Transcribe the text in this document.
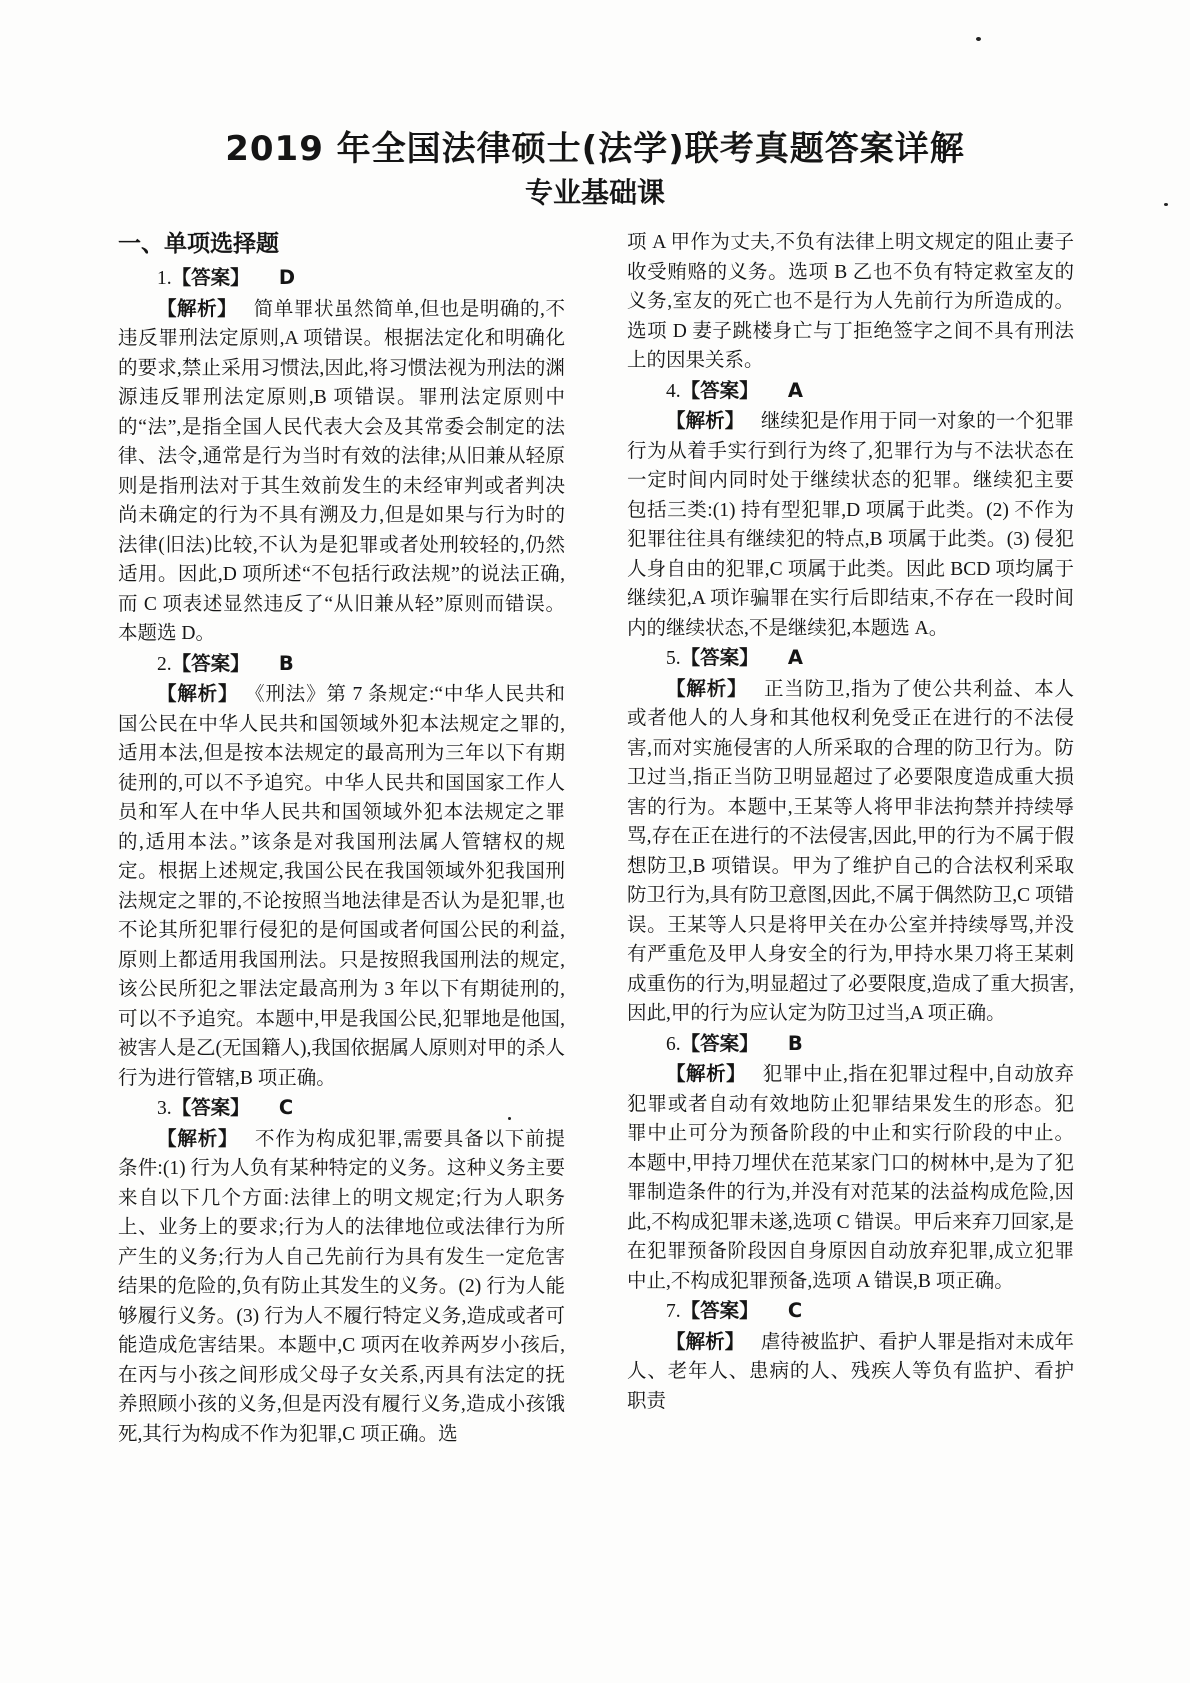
2019 年全国法律硕士(法学)联考真题答案详解
专业基础课
一、单项选择题

1.【答案】 D

【解析】 简单罪状虽然简单,但也是明确的,不违反罪刑法定原则,A 项错误。根据法定化和明确化的要求,禁止采用习惯法,因此,将习惯法视为刑法的渊源违反罪刑法定原则,B 项错误。罪刑法定原则中的“法”,是指全国人民代表大会及其常委会制定的法律、法令,通常是行为当时有效的法律;从旧兼从轻原则是指刑法对于其生效前发生的未经审判或者判决尚未确定的行为不具有溯及力,但是如果与行为时的法律(旧法)比较,不认为是犯罪或者处刑较轻的,仍然适用。因此,D 项所述“不包括行政法规”的说法正确,而 C 项表述显然违反了“从旧兼从轻”原则而错误。本题选 D。

2.【答案】 B

【解析】 《刑法》第 7 条规定:“中华人民共和国公民在中华人民共和国领域外犯本法规定之罪的,适用本法,但是按本法规定的最高刑为三年以下有期徒刑的,可以不予追究。中华人民共和国国家工作人员和军人在中华人民共和国领域外犯本法规定之罪的,适用本法。”该条是对我国刑法属人管辖权的规定。根据上述规定,我国公民在我国领域外犯我国刑法规定之罪的,不论按照当地法律是否认为是犯罪,也不论其所犯罪行侵犯的是何国或者何国公民的利益,原则上都适用我国刑法。只是按照我国刑法的规定,该公民所犯之罪法定最高刑为 3 年以下有期徒刑的,可以不予追究。本题中,甲是我国公民,犯罪地是他国,被害人是乙(无国籍人),我国依据属人原则对甲的杀人行为进行管辖,B 项正确。

3.【答案】 C

【解析】 不作为构成犯罪,需要具备以下前提条件:(1) 行为人负有某种特定的义务。这种义务主要来自以下几个方面:法律上的明文规定;行为人职务上、业务上的要求;行为人的法律地位或法律行为所产生的义务;行为人自己先前行为具有发生一定危害结果的危险的,负有防止其发生的义务。(2) 行为人能够履行义务。(3) 行为人不履行特定义务,造成或者可能造成危害结果。本题中,C 项丙在收养两岁小孩后,在丙与小孩之间形成父母子女关系,丙具有法定的抚养照顾小孩的义务,但是丙没有履行义务,造成小孩饿死,其行为构成不作为犯罪,C 项正确。选

项 A 甲作为丈夫,不负有法律上明文规定的阻止妻子收受贿赂的义务。选项 B 乙也不负有特定救室友的义务,室友的死亡也不是行为人先前行为所造成的。选项 D 妻子跳楼身亡与丁拒绝签字之间不具有刑法上的因果关系。

4.【答案】 A

【解析】 继续犯是作用于同一对象的一个犯罪行为从着手实行到行为终了,犯罪行为与不法状态在一定时间内同时处于继续状态的犯罪。继续犯主要包括三类:(1) 持有型犯罪,D 项属于此类。(2) 不作为犯罪往往具有继续犯的特点,B 项属于此类。(3) 侵犯人身自由的犯罪,C 项属于此类。因此 BCD 项均属于继续犯,A 项诈骗罪在实行后即结束,不存在一段时间内的继续状态,不是继续犯,本题选 A。

5.【答案】 A

【解析】 正当防卫,指为了使公共利益、本人或者他人的人身和其他权利免受正在进行的不法侵害,而对实施侵害的人所采取的合理的防卫行为。防卫过当,指正当防卫明显超过了必要限度造成重大损害的行为。本题中,王某等人将甲非法拘禁并持续辱骂,存在正在进行的不法侵害,因此,甲的行为不属于假想防卫,B 项错误。甲为了维护自己的合法权利采取防卫行为,具有防卫意图,因此,不属于偶然防卫,C 项错误。王某等人只是将甲关在办公室并持续辱骂,并没有严重危及甲人身安全的行为,甲持水果刀将王某刺成重伤的行为,明显超过了必要限度,造成了重大损害,因此,甲的行为应认定为防卫过当,A 项正确。

6.【答案】 B

【解析】 犯罪中止,指在犯罪过程中,自动放弃犯罪或者自动有效地防止犯罪结果发生的形态。犯罪中止可分为预备阶段的中止和实行阶段的中止。本题中,甲持刀埋伏在范某家门口的树林中,是为了犯罪制造条件的行为,并没有对范某的法益构成危险,因此,不构成犯罪未遂,选项 C 错误。甲后来弃刀回家,是在犯罪预备阶段因自身原因自动放弃犯罪,成立犯罪中止,不构成犯罪预备,选项 A 错误,B 项正确。

7.【答案】 C

【解析】 虐待被监护、看护人罪是指对未成年人、老年人、患病的人、残疾人等负有监护、看护职责
